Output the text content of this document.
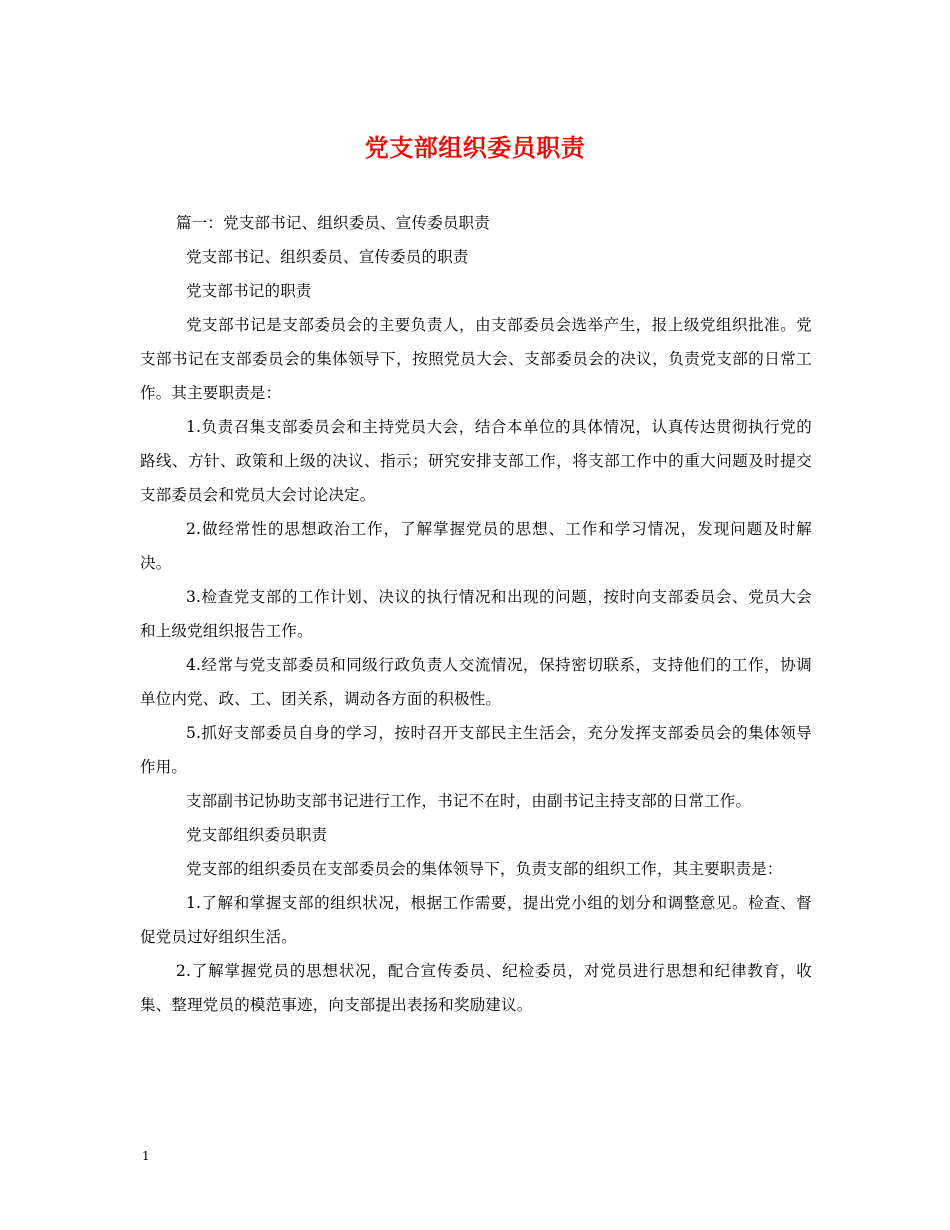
党支部组织委员职责

篇一：党支部书记、组织委员、宣传委员职责

党支部书记、组织委员、宣传委员的职责

党支部书记的职责

党支部书记是支部委员会的主要负责人，由支部委员会选举产生，报上级党组织批准。党支部书记在支部委员会的集体领导下，按照党员大会、支部委员会的决议，负责党支部的日常工作。其主要职责是：

1.负责召集支部委员会和主持党员大会，结合本单位的具体情况，认真传达贯彻执行党的路线、方针、政策和上级的决议、指示；研究安排支部工作，将支部工作中的重大问题及时提交支部委员会和党员大会讨论决定。

2.做经常性的思想政治工作，了解掌握党员的思想、工作和学习情况，发现问题及时解决。

3.检查党支部的工作计划、决议的执行情况和出现的问题，按时向支部委员会、党员大会和上级党组织报告工作。

4.经常与党支部委员和同级行政负责人交流情况，保持密切联系，支持他们的工作，协调单位内党、政、工、团关系，调动各方面的积极性。

5.抓好支部委员自身的学习，按时召开支部民主生活会，充分发挥支部委员会的集体领导作用。

支部副书记协助支部书记进行工作，书记不在时，由副书记主持支部的日常工作。

党支部组织委员职责

党支部的组织委员在支部委员会的集体领导下，负责支部的组织工作，其主要职责是：

1.了解和掌握支部的组织状况，根据工作需要，提出党小组的划分和调整意见。检查、督促党员过好组织生活。

2.了解掌握党员的思想状况，配合宣传委员、纪检委员，对党员进行思想和纪律教育，收集、整理党员的模范事迹，向支部提出表扬和奖励建议。

1
